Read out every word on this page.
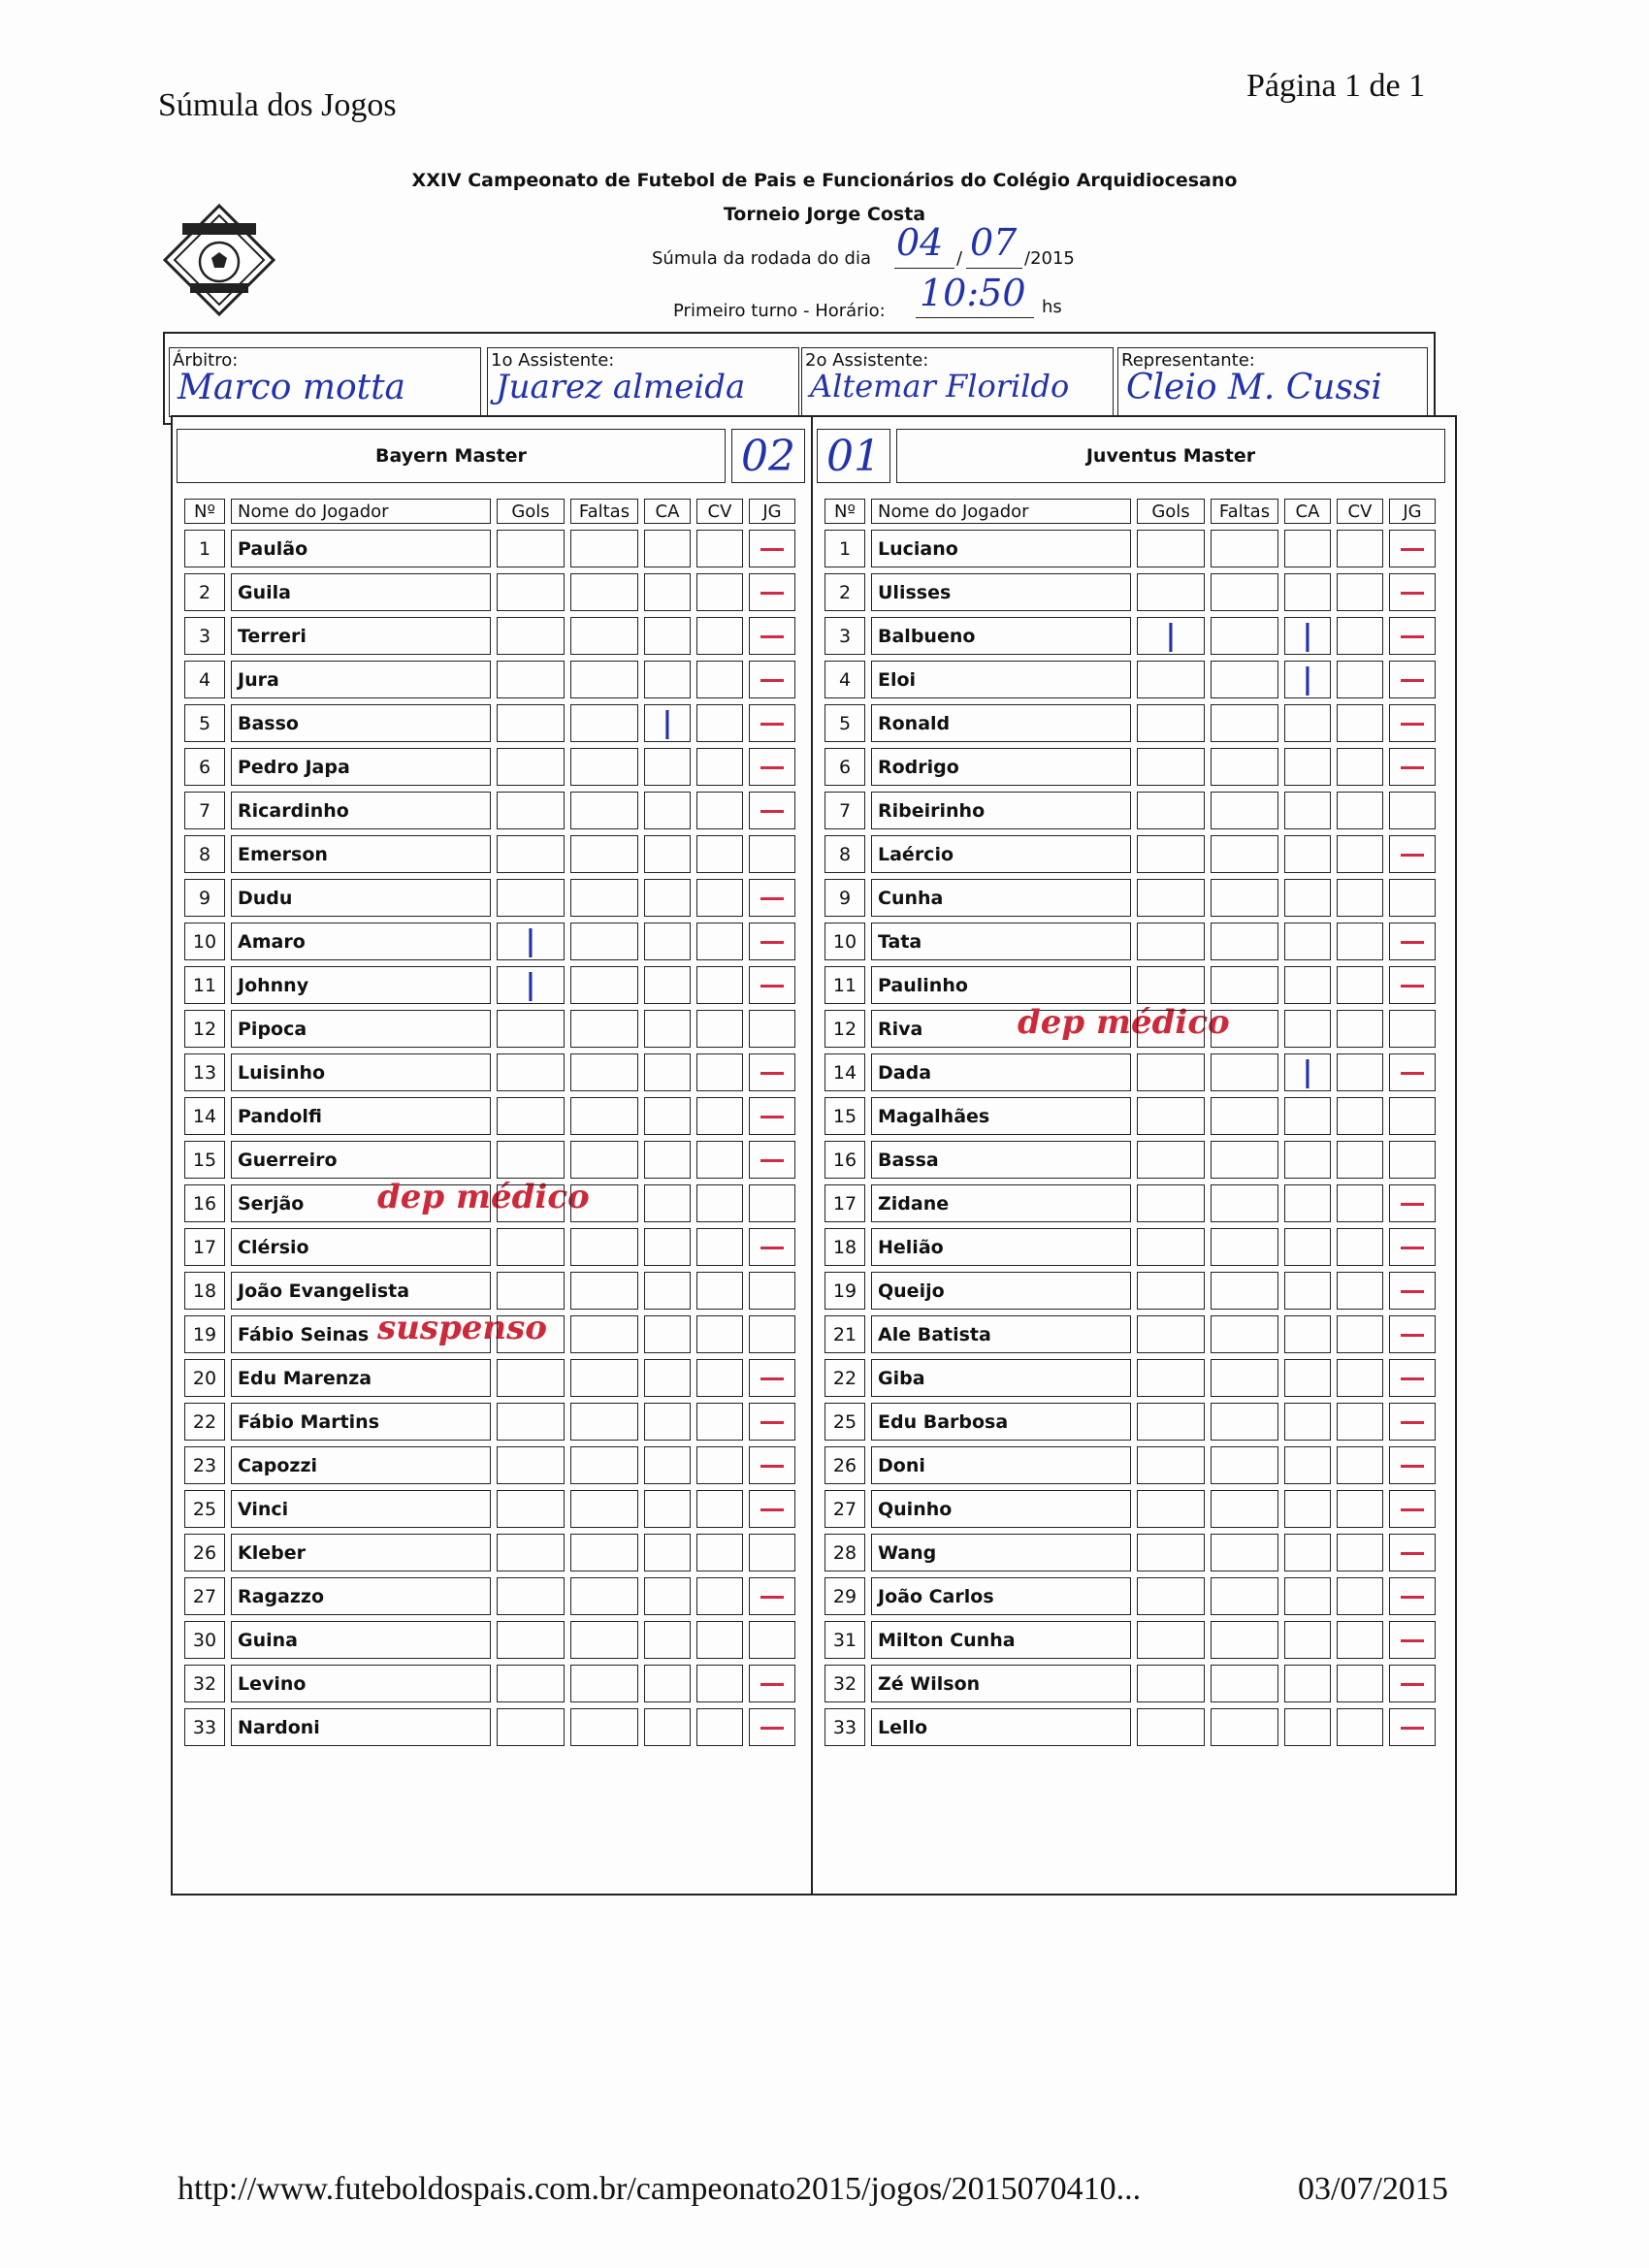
Súmula dos Jogos
Página 1 de 1
XXIV Campeonato de Futebol de Pais e Funcionários do Colégio Arquidiocesano
Torneio Jorge Costa
Súmula da rodada do dia 04 / 07 /2015
Primeiro turno - Horário: 10:50 hs
Árbitro:
Marco motta
1o Assistente:
Juarez almeida
2o Assistente:
Altemar Florildo
Representante:
Cleio M. Cussi
Bayern Master	02
Nº	Nome do Jogador	Gols	Faltas	CA	CV	JG
1	Paulão					
2	Guila					
3	Terreri					
4	Jura					
5	Basso			|		
6	Pedro Japa					
7	Ricardinho					
8	Emerson					
9	Dudu					
10	Amaro	|				
11	Johnny	|				
12	Pipoca					
13	Luisinho					
14	Pandolfi					
15	Guerreiro					
16	Serjão dep médico					

17	Clérsio					
18	João Evangelista					
19	Fábio Seinas suspenso					

20	Edu Marenza					
22	Fábio Martins					
23	Capozzi					
25	Vinci					
26	Kleber					
27	Ragazzo					
30	Guina					
32	Levino					
33	Nardoni					
01	Juventus Master
Nº	Nome do Jogador	Gols	Faltas	CA	CV	JG
1	Luciano					
2	Ulisses					
3	Balbueno	|		|		
4	Eloi			|		
5	Ronald					
6	Rodrigo					
7	Ribeirinho					
8	Laércio					
9	Cunha					
10	Tata					
11	Paulinho					
12	Riva dep médico					

14	Dada			|		
15	Magalhães					
16	Bassa					
17	Zidane					
18	Helião					
19	Queijo					
21	Ale Batista					
22	Giba					
25	Edu Barbosa					
26	Doni					
27	Quinho					
28	Wang					
29	João Carlos					
31	Milton Cunha					
32	Zé Wilson					
33	Lello					
http://www.futeboldospais.com.br/campeonato2015/jogos/2015070410...	03/07/2015
